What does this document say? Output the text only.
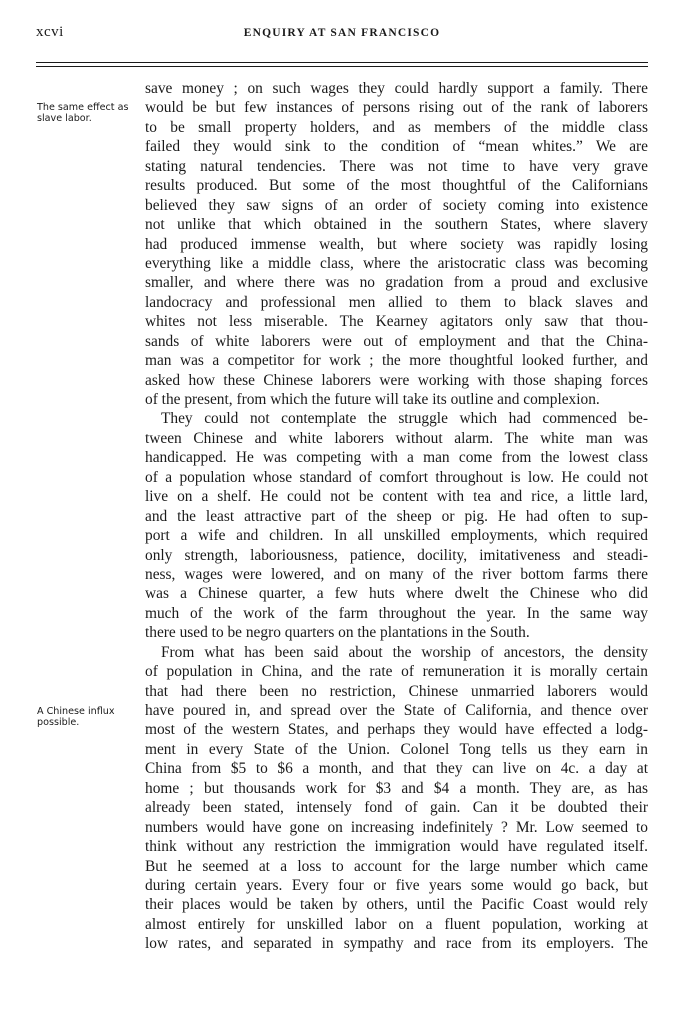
xcvi	ENQUIRY AT SAN FRANCISCO
The same effect as slave labor.
A Chinese influx possible.
save money ; on such wages they could hardly support a family. There
would be but few instances of persons rising out of the rank of laborers
to be small property holders, and as members of the middle class
failed they would sink to the condition of “mean whites.” We are
stating natural tendencies. There was not time to have very grave
results produced. But some of the most thoughtful of the Californians
believed they saw signs of an order of society coming into existence
not unlike that which obtained in the southern States, where slavery
had produced immense wealth, but where society was rapidly losing
everything like a middle class, where the aristocratic class was becoming
smaller, and where there was no gradation from a proud and exclusive
landocracy and professional men allied to them to black slaves and
whites not less miserable. The Kearney agitators only saw that thou-
sands of white laborers were out of employment and that the China-
man was a competitor for work ; the more thoughtful looked further, and
asked how these Chinese laborers were working with those shaping forces
of the present, from which the future will take its outline and complexion.
They could not contemplate the struggle which had commenced be-
tween Chinese and white laborers without alarm. The white man was
handicapped. He was competing with a man come from the lowest class
of a population whose standard of comfort throughout is low. He could not
live on a shelf. He could not be content with tea and rice, a little lard,
and the least attractive part of the sheep or pig. He had often to sup-
port a wife and children. In all unskilled employments, which required
only strength, laboriousness, patience, docility, imitativeness and steadi-
ness, wages were lowered, and on many of the river bottom farms there
was a Chinese quarter, a few huts where dwelt the Chinese who did
much of the work of the farm throughout the year. In the same way
there used to be negro quarters on the plantations in the South.
From what has been said about the worship of ancestors, the density
of population in China, and the rate of remuneration it is morally certain
that had there been no restriction, Chinese unmarried laborers would
have poured in, and spread over the State of California, and thence over
most of the western States, and perhaps they would have effected a lodg-
ment in every State of the Union. Colonel Tong tells us they earn in
China from $5 to $6 a month, and that they can live on 4c. a day at
home ; but thousands work for $3 and $4 a month. They are, as has
already been stated, intensely fond of gain. Can it be doubted their
numbers would have gone on increasing indefinitely ? Mr. Low seemed to
think without any restriction the immigration would have regulated itself.
But he seemed at a loss to account for the large number which came
during certain years. Every four or five years some would go back, but
their places would be taken by others, until the Pacific Coast would rely
almost entirely for unskilled labor on a fluent population, working at
low rates, and separated in sympathy and race from its employers. The
